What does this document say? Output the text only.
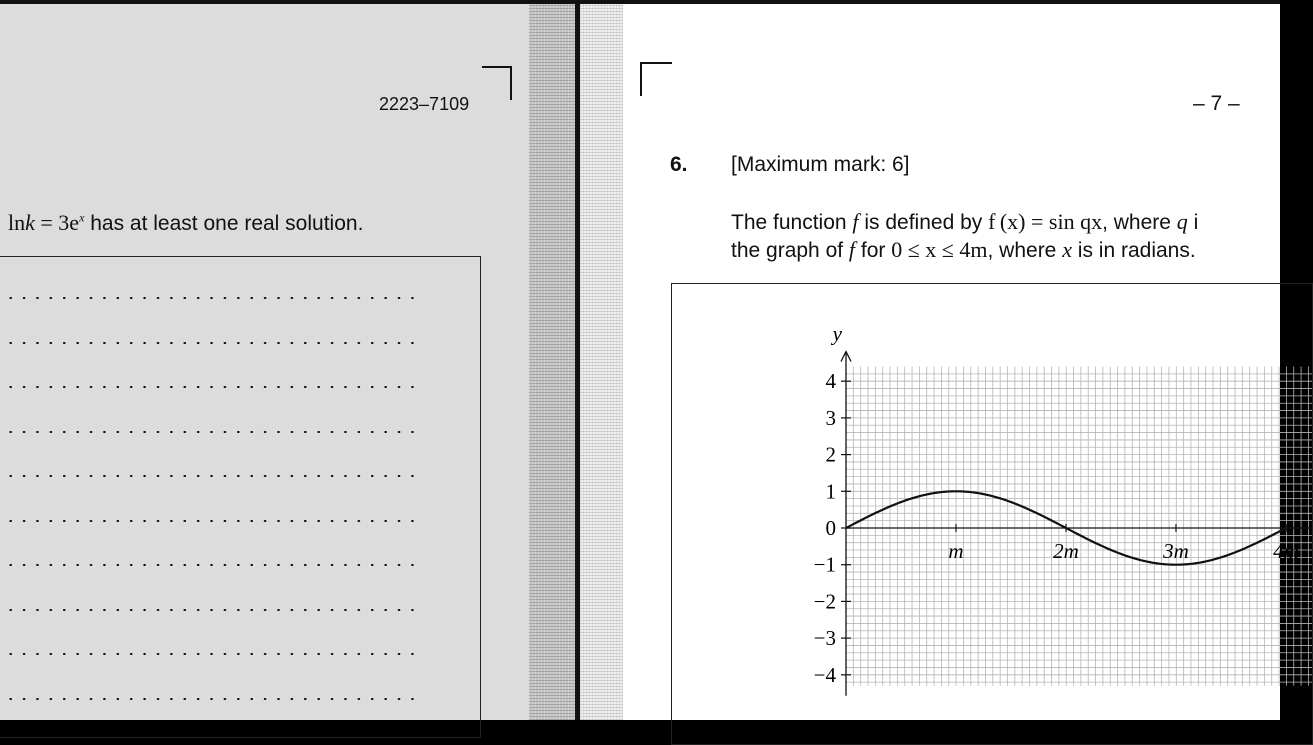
2223–7109
$\ln k = 3e^x$ has at least one real solution.
– 7 –
6. [Maximum mark: 6]
The function f is defined by f (x) = sin qx, where q i
the graph of f for 0 ≤ x ≤ 4m, where x is in radians.
y
4
3
2
1
0
−1
−2
−3
−4
m	2m	3m	4m
